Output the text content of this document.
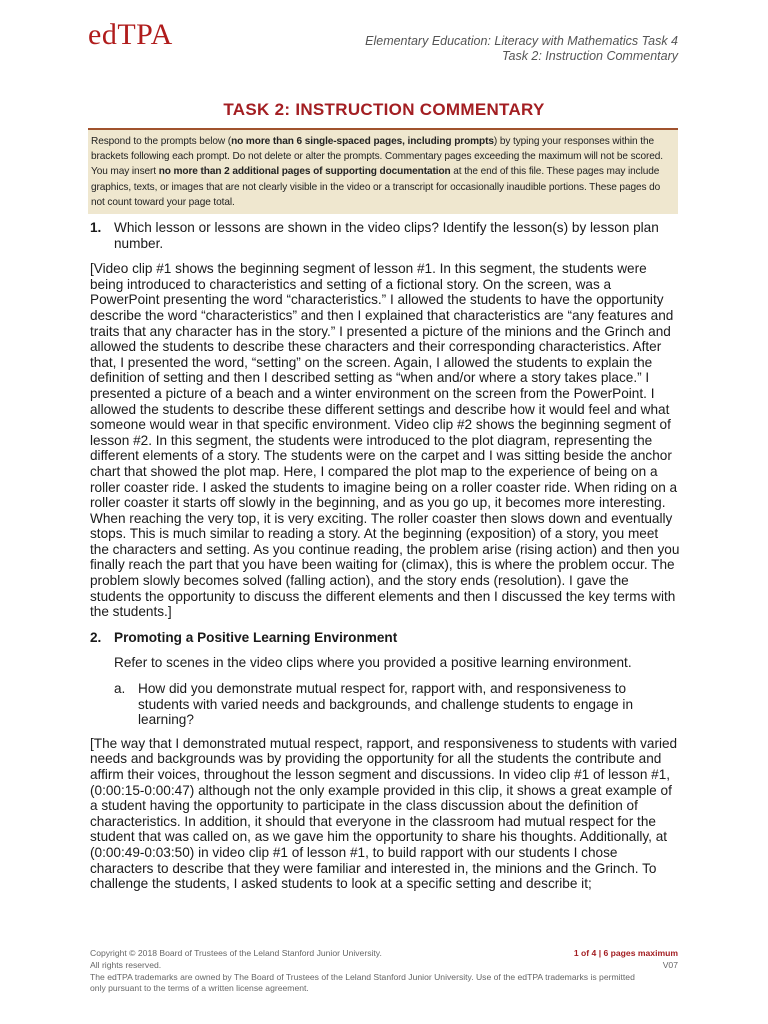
edTPA	Elementary Education: Literacy with Mathematics Task 4
Task 2: Instruction Commentary
TASK 2: INSTRUCTION COMMENTARY
Respond to the prompts below (no more than 6 single-spaced pages, including prompts) by typing your responses within the brackets following each prompt. Do not delete or alter the prompts. Commentary pages exceeding the maximum will not be scored. You may insert no more than 2 additional pages of supporting documentation at the end of this file. These pages may include graphics, texts, or images that are not clearly visible in the video or a transcript for occasionally inaudible portions. These pages do not count toward your page total.
1. Which lesson or lessons are shown in the video clips? Identify the lesson(s) by lesson plan number.

[Video clip #1 shows the beginning segment of lesson #1. In this segment, the students were being introduced to characteristics and setting of a fictional story. On the screen, was a PowerPoint presenting the word “characteristics.” I allowed the students to have the opportunity describe the word “characteristics” and then I explained that characteristics are “any features and traits that any character has in the story.” I presented a picture of the minions and the Grinch and allowed the students to describe these characters and their corresponding characteristics. After that, I presented the word, “setting” on the screen. Again, I allowed the students to explain the definition of setting and then I described setting as “when and/or where a story takes place.” I presented a picture of a beach and a winter environment on the screen from the PowerPoint. I allowed the students to describe these different settings and describe how it would feel and what someone would wear in that specific environment. Video clip #2 shows the beginning segment of lesson #2. In this segment, the students were introduced to the plot diagram, representing the different elements of a story. The students were on the carpet and I was sitting beside the anchor chart that showed the plot map. Here, I compared the plot map to the experience of being on a roller coaster ride. I asked the students to imagine being on a roller coaster ride. When riding on a roller coaster it starts off slowly in the beginning, and as you go up, it becomes more interesting. When reaching the very top, it is very exciting. The roller coaster then slows down and eventually stops. This is much similar to reading a story. At the beginning (exposition) of a story, you meet the characters and setting. As you continue reading, the problem arise (rising action) and then you finally reach the part that you have been waiting for (climax), this is where the problem occur. The problem slowly becomes solved (falling action), and the story ends (resolution). I gave the students the opportunity to discuss the different elements and then I discussed the key terms with the students.]

2. Promoting a Positive Learning Environment

Refer to scenes in the video clips where you provided a positive learning environment.

a. How did you demonstrate mutual respect for, rapport with, and responsiveness to students with varied needs and backgrounds, and challenge students to engage in learning?

[The way that I demonstrated mutual respect, rapport, and responsiveness to students with varied needs and backgrounds was by providing the opportunity for all the students the contribute and affirm their voices, throughout the lesson segment and discussions. In video clip #1 of lesson #1, (0:00:15-0:00:47) although not the only example provided in this clip, it shows a great example of a student having the opportunity to participate in the class discussion about the definition of characteristics. In addition, it should that everyone in the classroom had mutual respect for the student that was called on, as we gave him the opportunity to share his thoughts. Additionally, at (0:00:49-0:03:50) in video clip #1 of lesson #1, to build rapport with our students I chose characters to describe that they were familiar and interested in, the minions and the Grinch. To challenge the students, I asked students to look at a specific setting and describe it;

Copyright © 2018 Board of Trustees of the Leland Stanford Junior University.
All rights reserved.
The edTPA trademarks are owned by The Board of Trustees of the Leland Stanford Junior University. Use of the edTPA trademarks is permitted only pursuant to the terms of a written license agreement.
1 of 4 | 6 pages maximum
V07
